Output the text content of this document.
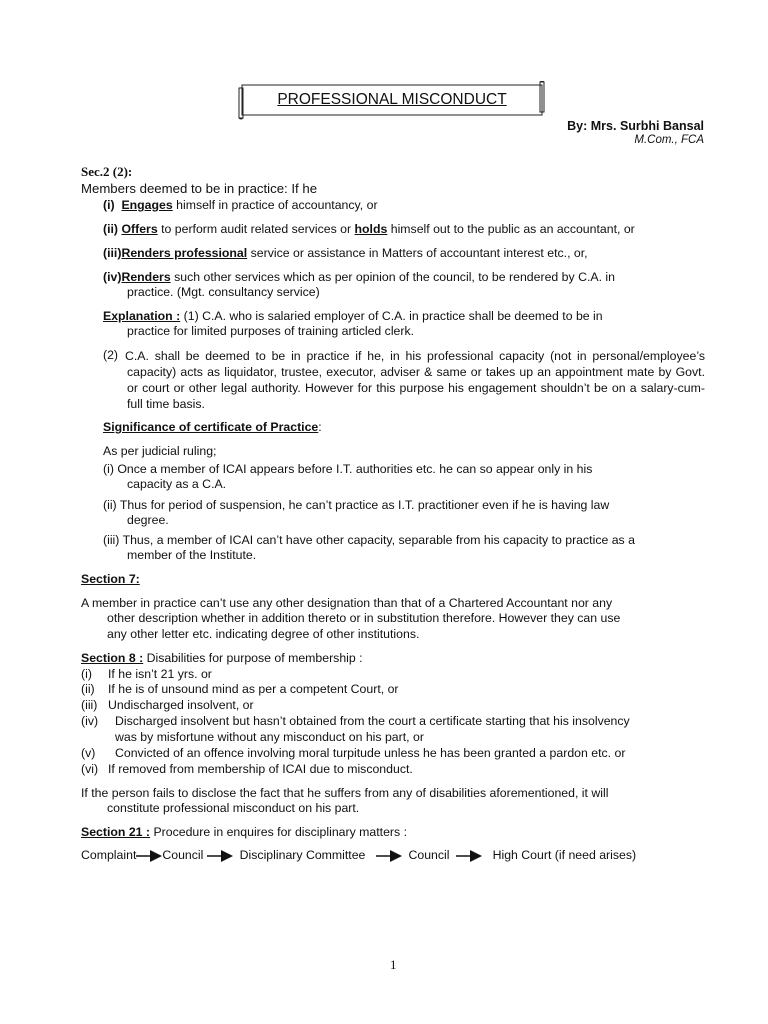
PROFESSIONAL MISCONDUCT
By: Mrs. Surbhi Bansal
M.Com., FCA
Sec.2 (2):
Members deemed to be in practice: If he
(i) Engages himself in practice of accountancy, or
(ii) Offers to perform audit related services or holds himself out to the public as an accountant, or
(iii)Renders professional service or assistance in Matters of accountant interest etc., or,
(iv)Renders such other services which as per opinion of the council, to be rendered by C.A. in
practice. (Mgt. consultancy service)
Explanation : (1) C.A. who is salaried employer of C.A. in practice shall be deemed to be in
practice for limited purposes of training articled clerk.
(2) C.A. shall be deemed to be in practice if he, in his professional capacity (not in personal/employee’s capacity) acts as liquidator, trustee, executor, adviser & same or takes up an appointment mate by Govt. or court or other legal authority. However for this purpose his engagement shouldn’t be on a salary-cum- full time basis.
Significance of certificate of Practice:
As per judicial ruling;
(i) Once a member of ICAI appears before I.T. authorities etc. he can so appear only in his
capacity as a C.A.
(ii) Thus for period of suspension, he can’t practice as I.T. practitioner even if he is having law
degree.
(iii) Thus, a member of ICAI can’t have other capacity, separable from his capacity to practice as a
member of the Institute.
Section 7:
A member in practice can’t use any other designation than that of a Chartered Accountant nor any
other description whether in addition thereto or in substitution therefore. However they can use
any other letter etc. indicating degree of other institutions.
Section 8 : Disabilities for purpose of membership :
(i) If he isn’t 21 yrs. or
(ii) If he is of unsound mind as per a competent Court, or
(iii) Undischarged insolvent, or
(iv) Discharged insolvent but hasn’t obtained from the court a certificate starting that his insolvency
was by misfortune without any misconduct on his part, or
(v) Convicted of an offence involving moral turpitude unless he has been granted a pardon etc. or
(vi) If removed from membership of ICAI due to misconduct.
If the person fails to disclose the fact that he suffers from any of disabilities aforementioned, it will
constitute professional misconduct on his part.
Section 21 : Procedure in enquires for disciplinary matters :
Complaint Council	Disciplinary Committee	Council	High Court (if need arises)
1
